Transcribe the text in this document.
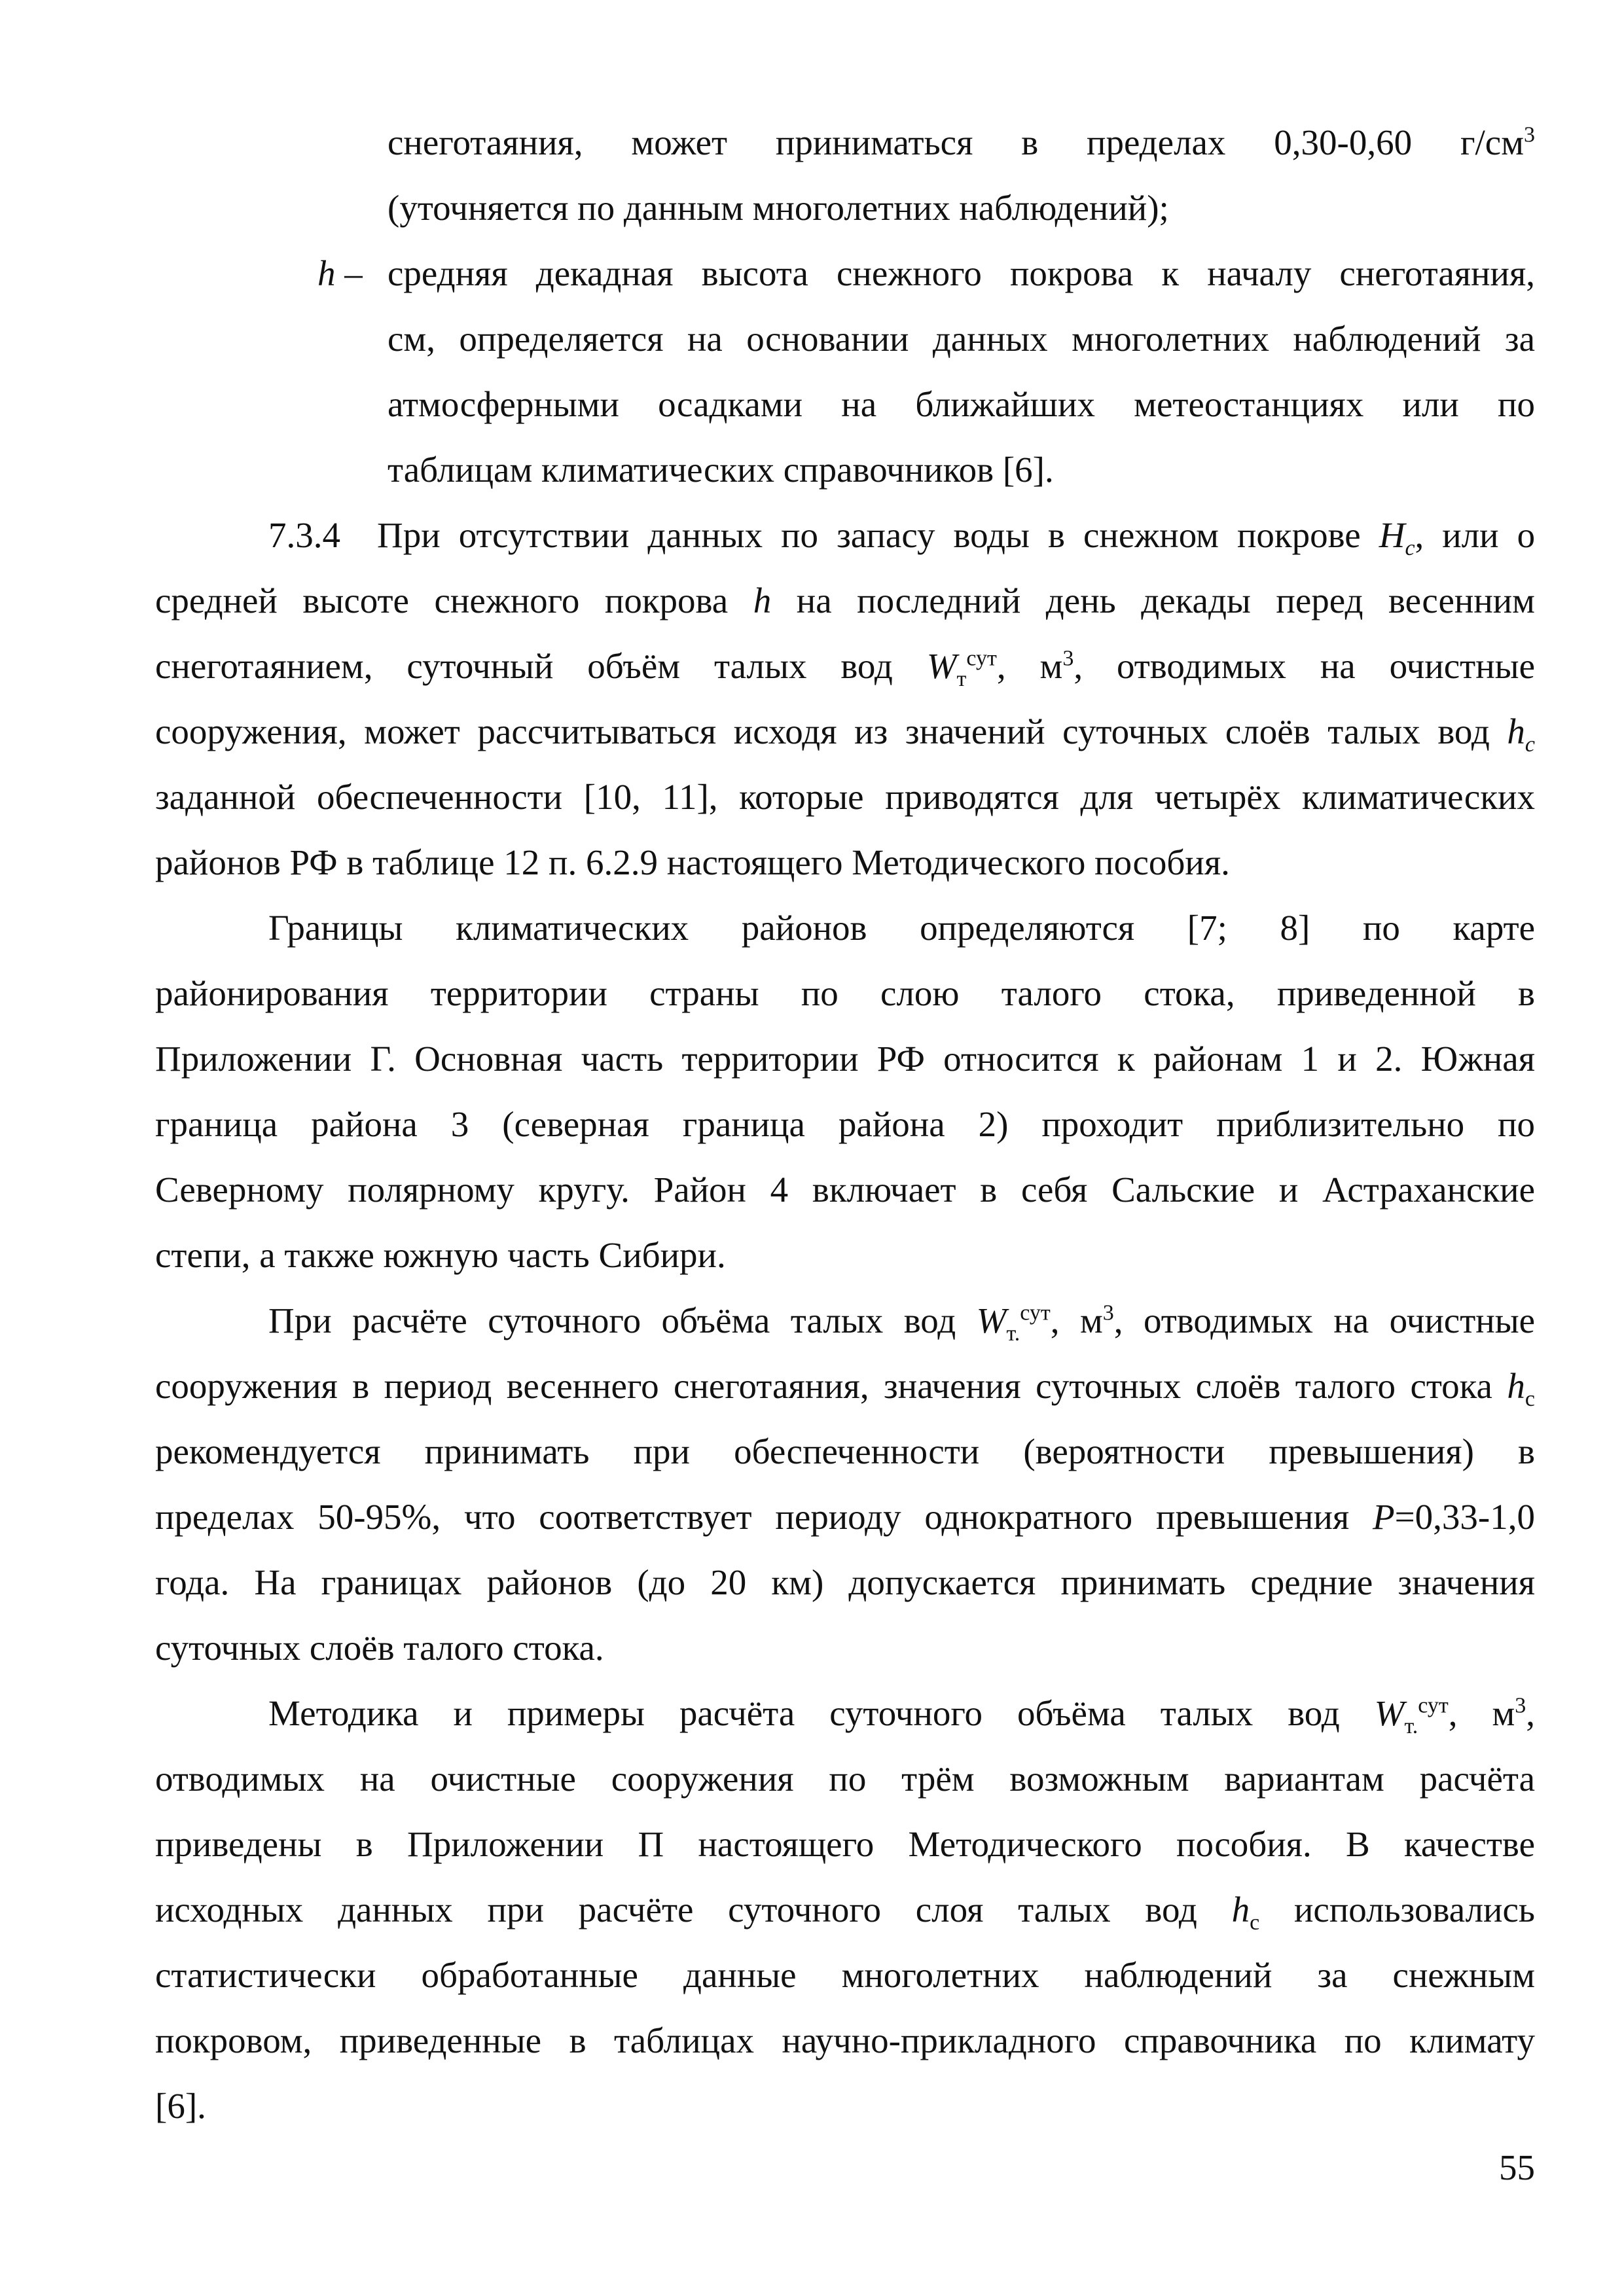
снеготаяния, может приниматься в пределах 0,30-0,60 $г/см^3$
(уточняется по данным многолетних наблюдений);
h – средняя декадная высота снежного покрова к началу снеготаяния,
см, определяется на основании данных многолетних наблюдений за
атмосферными осадками на ближайших метеостанциях или по
таблицам климатических справочников [6].
7.3.4  При отсутствии данных по запасу воды в снежном покрове $H_c$, или о
средней высоте снежного покрова h на последний день декады перед весенним
снеготаянием, суточный объём талых вод $W_т^{сут}$, $м^3$, отводимых на очистные
сооружения, может рассчитываться исходя из значений суточных слоёв талых вод $h_c$
заданной обеспеченности [10, 11], которые приводятся для четырёх климатических
районов РФ в таблице 12 п. 6.2.9 настоящего Методического пособия.
Границы климатических районов определяются [7; 8] по карте
районирования территории страны по слою талого стока, приведенной в
Приложении Г. Основная часть территории РФ относится к районам 1 и 2. Южная
граница района 3 (северная граница района 2) проходит приблизительно по
Северному полярному кругу. Район 4 включает в себя Сальские и Астраханские
степи, а также южную часть Сибири.
При расчёте суточного объёма талых вод $W_{т.}^{сут}$, $м^3$, отводимых на очистные
сооружения в период весеннего снеготаяния, значения суточных слоёв талого стока $h_c$
рекомендуется принимать при обеспеченности (вероятности превышения) в
пределах 50-95%, что соответствует периоду однократного превышения P=0,33-1,0
года. На границах районов (до 20 км) допускается принимать средние значения
суточных слоёв талого стока.
Методика и примеры расчёта суточного объёма талых вод $W_{т.}^{сут}$, $м^3$,
отводимых на очистные сооружения по трём возможным вариантам расчёта
приведены в Приложении П настоящего Методического пособия. В качестве
исходных данных при расчёте суточного слоя талых вод $h_c$ использовались
статистически обработанные данные многолетних наблюдений за снежным
покровом, приведенные в таблицах научно-прикладного справочника по климату
[6].
55
